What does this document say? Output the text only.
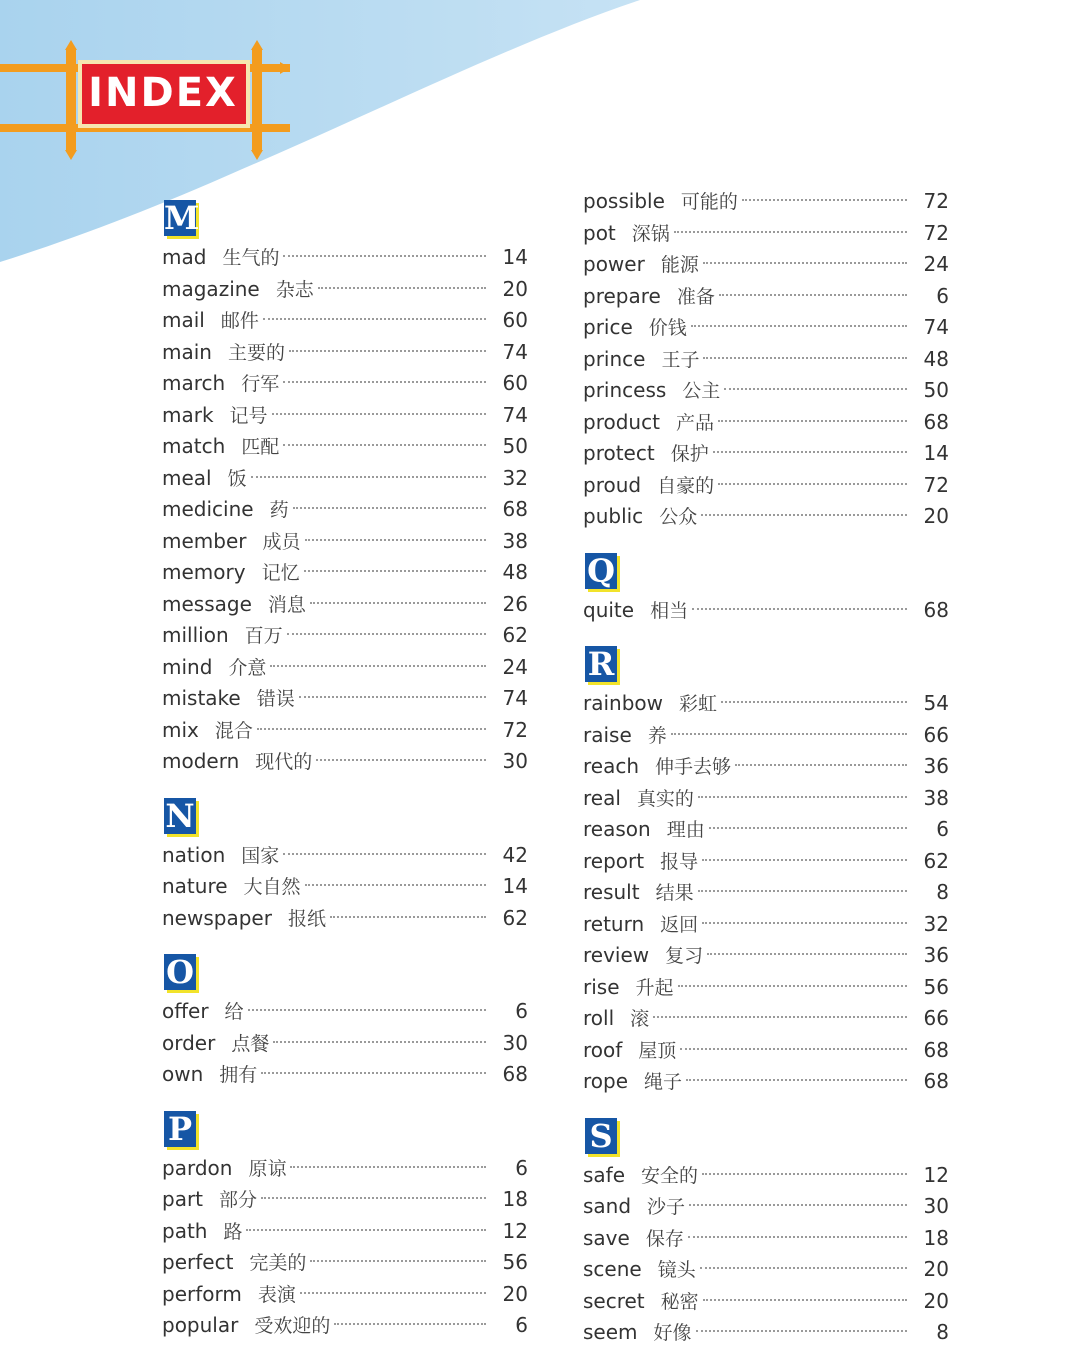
INDEX
M
mad 生气的	14
magazine 杂志	20
mail 邮件	60
main 主要的	74
march 行军	60
mark 记号	74
match 匹配	50
meal 饭	32
medicine 药	68
member 成员	38
memory 记忆	48
message 消息	26
million 百万	62
mind 介意	24
mistake 错误	74
mix 混合	72
modern 现代的	30
N
nation 国家	42
nature 大自然	14
newspaper 报纸	62
O
offer 给	6
order 点餐	30
own 拥有	68
P
pardon 原谅	6
part 部分	18
path 路	12
perfect 完美的	56
perform 表演	20
popular 受欢迎的	6
possible 可能的	72
pot 深锅	72
power 能源	24
prepare 准备	6
price 价钱	74
prince 王子	48
princess 公主	50
product 产品	68
protect 保护	14
proud 自豪的	72
public 公众	20
Q
quite 相当	68
R
rainbow 彩虹	54
raise 养	66
reach 伸手去够	36
real 真实的	38
reason 理由	6
report 报导	62
result 结果	8
return 返回	32
review 复习	36
rise 升起	56
roll 滚	66
roof 屋顶	68
rope 绳子	68
S
safe 安全的	12
sand 沙子	30
save 保存	18
scene 镜头	20
secret 秘密	20
seem 好像	8
